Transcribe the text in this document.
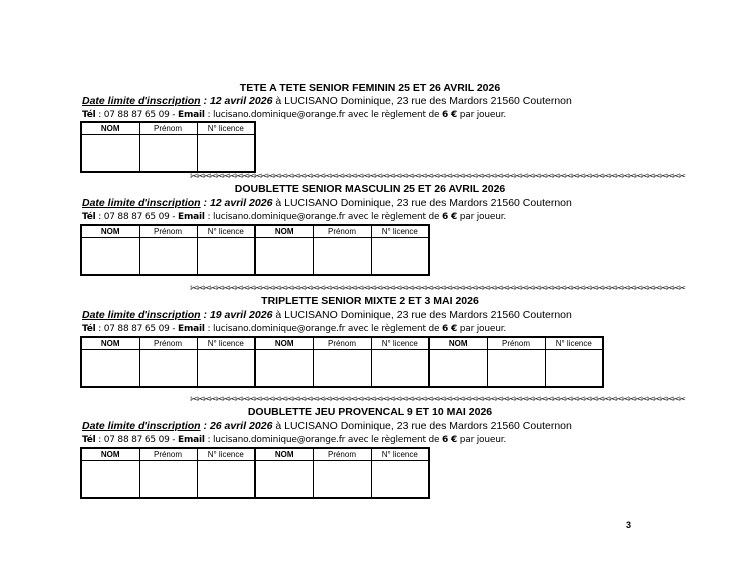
TETE A TETE SENIOR FEMININ 25 ET 26 AVRIL 2026
Date limite d'inscription : 12 avril 2026 à LUCISANO Dominique, 23 rue des Mardors 21560 Couternon
Tél : 07 88 87 65 09 - Email : lucisano.dominique@orange.fr avec le règlement de 6 € par joueur.
NOM	Prénom	N° licence

✂✂✂✂✂✂✂✂✂✂✂✂✂✂✂✂✂✂✂✂✂✂✂✂✂✂✂✂✂✂✂✂✂✂✂✂✂✂✂✂✂✂✂✂✂✂✂✂✂✂✂✂✂✂✂✂✂✂✂✂✂✂✂✂✂✂✂✂✂✂✂✂✂✂✂✂✂✂
DOUBLETTE SENIOR MASCULIN 25 ET 26 AVRIL 2026
Date limite d'inscription : 12 avril 2026 à LUCISANO Dominique, 23 rue des Mardors 21560 Couternon
Tél : 07 88 87 65 09 - Email : lucisano.dominique@orange.fr avec le règlement de 6 € par joueur.
NOM	Prénom	N° licence	NOM	Prénom	N° licence

✂✂✂✂✂✂✂✂✂✂✂✂✂✂✂✂✂✂✂✂✂✂✂✂✂✂✂✂✂✂✂✂✂✂✂✂✂✂✂✂✂✂✂✂✂✂✂✂✂✂✂✂✂✂✂✂✂✂✂✂✂✂✂✂✂✂✂✂✂✂✂✂✂✂✂✂✂✂
TRIPLETTE SENIOR MIXTE 2 ET 3 MAI 2026
Date limite d'inscription : 19 avril 2026 à LUCISANO Dominique, 23 rue des Mardors 21560 Couternon
Tél : 07 88 87 65 09 - Email : lucisano.dominique@orange.fr avec le règlement de 6 € par joueur.
NOM	Prénom	N° licence	NOM	Prénom	N° licence	NOM	Prénom	N° licence

✂✂✂✂✂✂✂✂✂✂✂✂✂✂✂✂✂✂✂✂✂✂✂✂✂✂✂✂✂✂✂✂✂✂✂✂✂✂✂✂✂✂✂✂✂✂✂✂✂✂✂✂✂✂✂✂✂✂✂✂✂✂✂✂✂✂✂✂✂✂✂✂✂✂✂✂✂✂
DOUBLETTE JEU PROVENCAL 9 ET 10 MAI 2026
Date limite d'inscription : 26 avril 2026 à LUCISANO Dominique, 23 rue des Mardors 21560 Couternon
Tél : 07 88 87 65 09 - Email : lucisano.dominique@orange.fr avec le règlement de 6 € par joueur.
NOM	Prénom	N° licence	NOM	Prénom	N° licence

3
